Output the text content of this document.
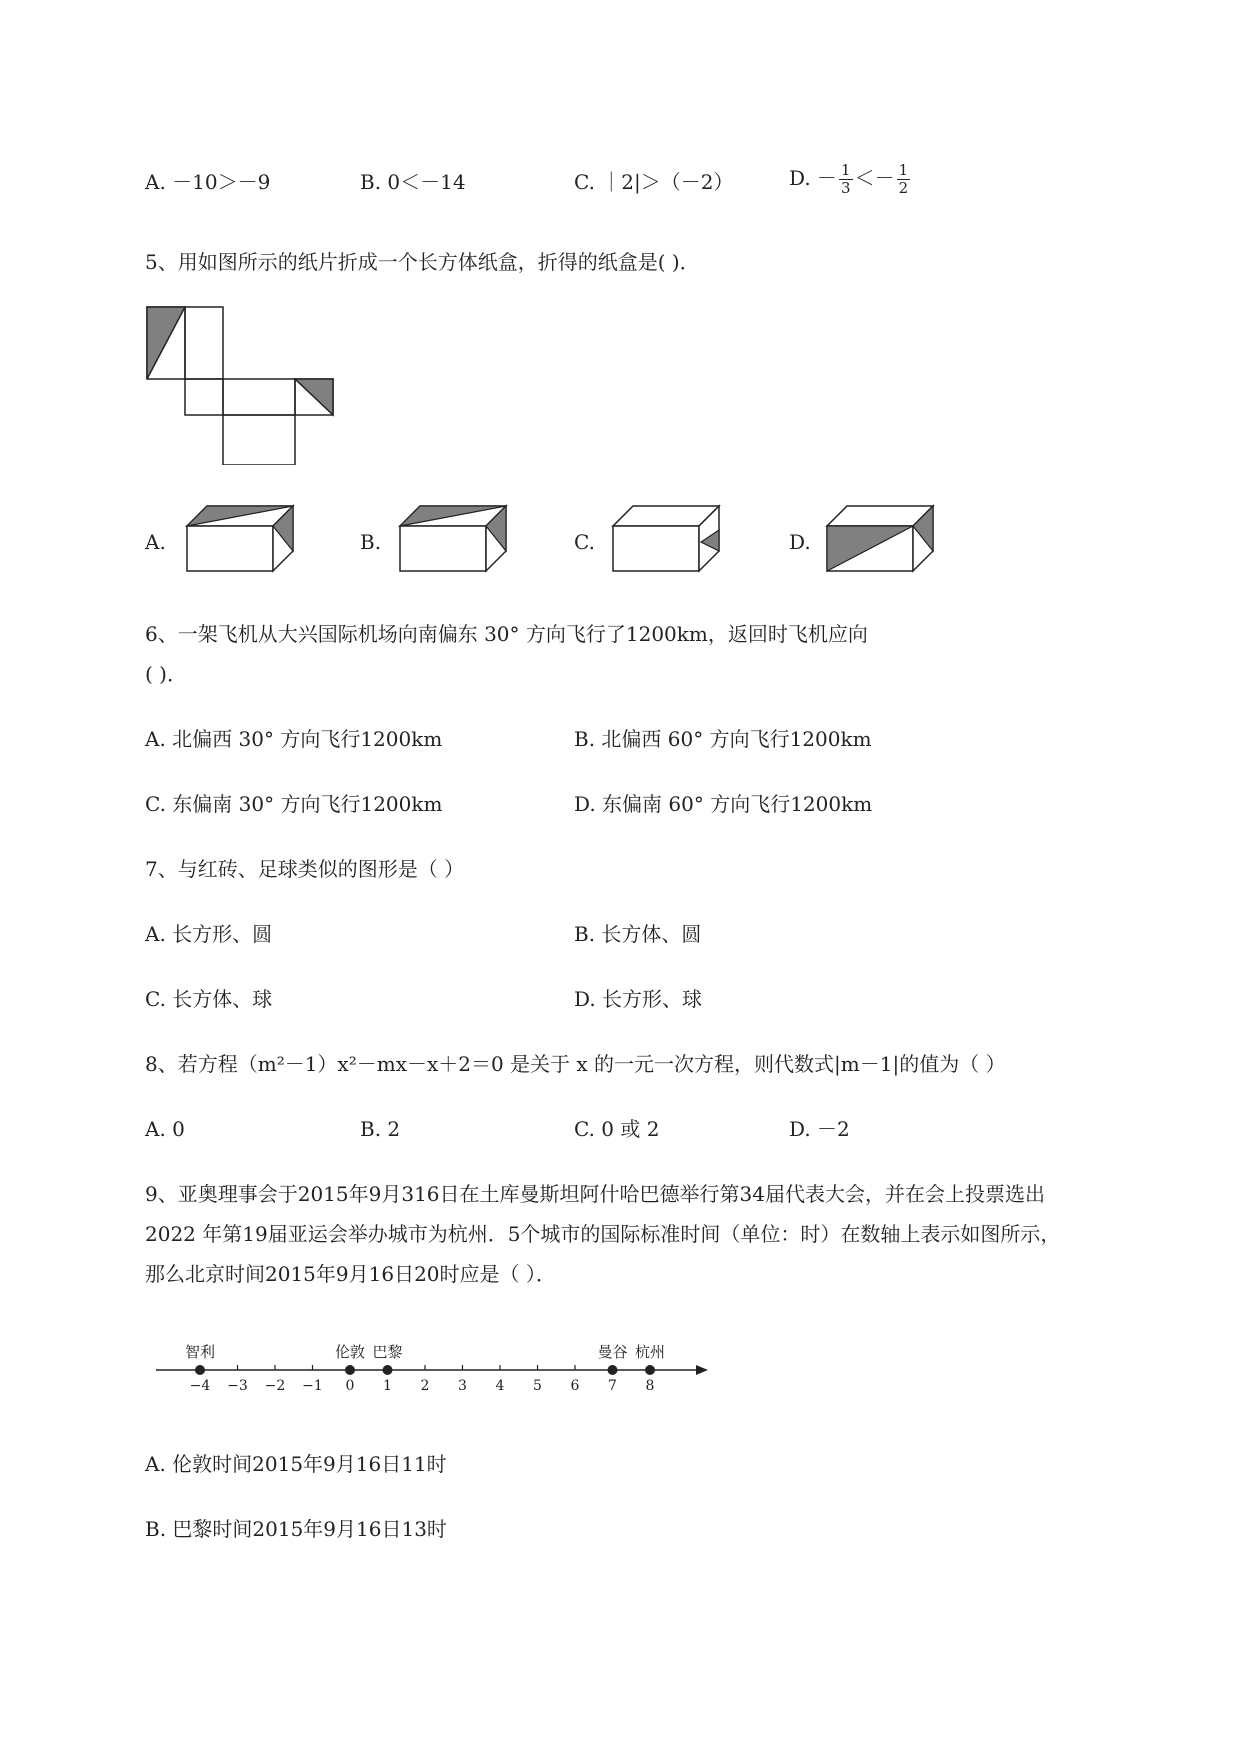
A. －10＞－9	B. 0＜－14	C. ｜2|＞（－2）	D. － $\frac{1}{3} <- \frac{1}{2}$
5、用如图所示的纸片折成一个长方体纸盒，折得的纸盒是( )．
A.	B.	C.	D.
6、一架飞机从大兴国际机场向南偏东 30° 方向飞行了1200km，返回时飞机应向
( )．
A. 北偏西 30° 方向飞行1200km	B. 北偏西 60° 方向飞行1200km
C. 东偏南 30° 方向飞行1200km	D. 东偏南 60° 方向飞行1200km
7、与红砖、足球类似的图形是（ ）
A. 长方形、圆	B. 长方体、圆
C. 长方体、球	D. 长方形、球
8、若方程（m²－1）x²－mx－x＋2＝0 是关于 x 的一元一次方程，则代数式|m－1|的值为（ ）
A. 0	B. 2	C. 0 或 2	D. －2
9、亚奥理事会于2015年9月316日在土库曼斯坦阿什哈巴德举行第34届代表大会，并在会上投票选出
2022 年第19届亚运会举办城市为杭州．5个城市的国际标准时间（单位：时）在数轴上表示如图所示，
那么北京时间2015年9月16日20时应是（ ）．
−4 −3 −2 −1 0 1 2 3 4 5 6 7 8
智利	伦敦 巴黎	曼谷 杭州
A. 伦敦时间2015年9月16日11时
B. 巴黎时间2015年9月16日13时
